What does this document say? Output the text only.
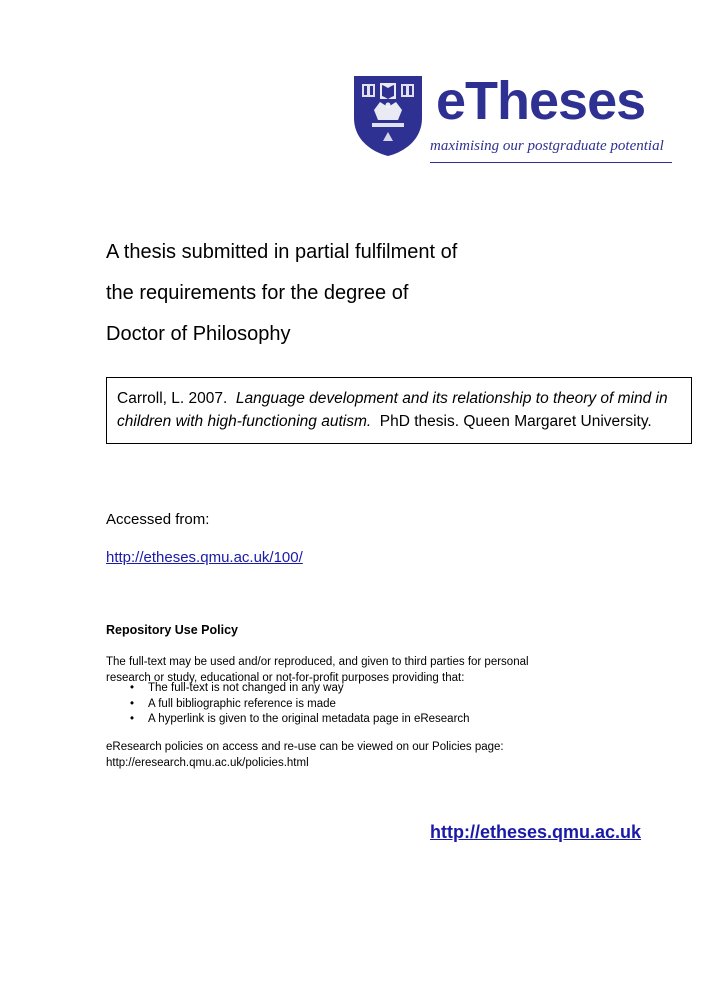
eTheses
maximising our postgraduate potential
A thesis submitted in partial fulfilment of
the requirements for the degree of
Doctor of Philosophy
Carroll, L. 2007. Language development and its relationship to theory of mind in children with high-functioning autism. PhD thesis. Queen Margaret University.
Accessed from:
http://etheses.qmu.ac.uk/100/
Repository Use Policy
The full-text may be used and/or reproduced, and given to third parties for personal research or study, educational or not-for-profit purposes providing that:
• The full-text is not changed in any way
• A full bibliographic reference is made
• A hyperlink is given to the original metadata page in eResearch
eResearch policies on access and re-use can be viewed on our Policies page: http://eresearch.qmu.ac.uk/policies.html
http://etheses.qmu.ac.uk
